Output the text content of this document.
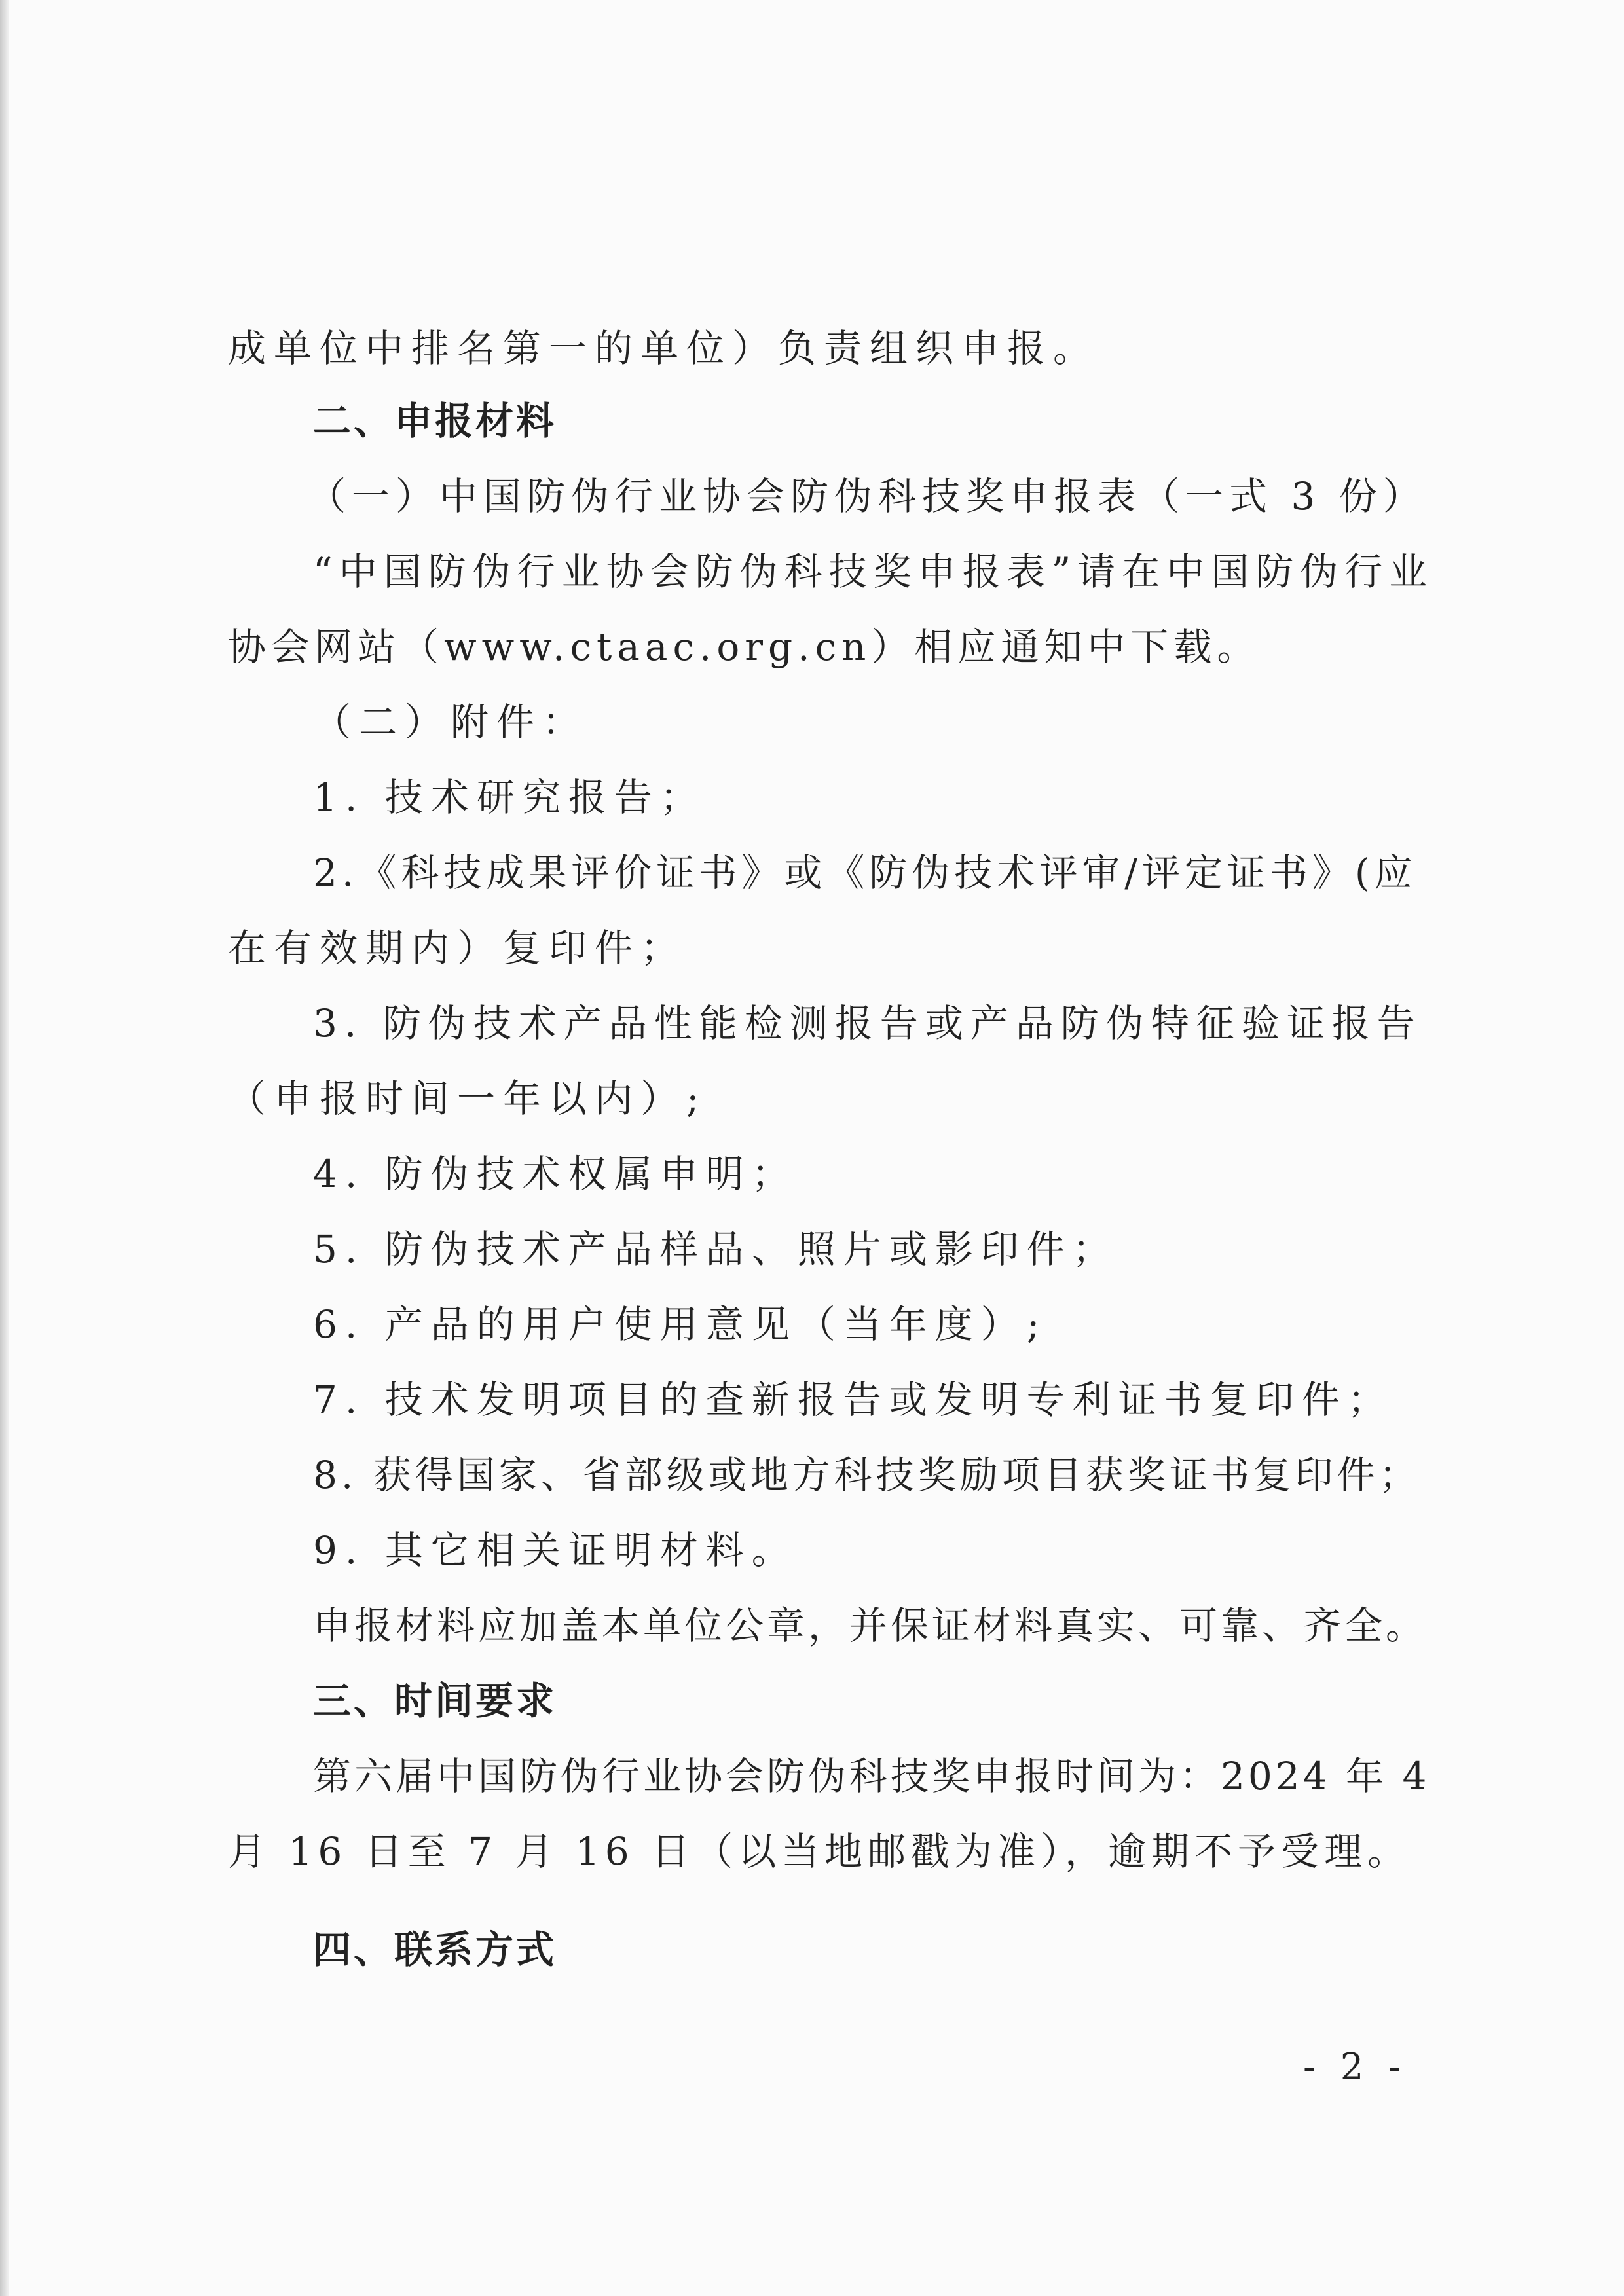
成单位中排名第一的单位）负责组织申报。
二、申报材料
（一）中国防伪行业协会防伪科技奖申报表（一式 3 份）
“中国防伪行业协会防伪科技奖申报表”请在中国防伪行业
协会网站（www.ctaac.org.cn）相应通知中下载。
（二）附件：
1. 技术研究报告；
2.《科技成果评价证书》或《防伪技术评审/评定证书》(应
在有效期内）复印件；
3. 防伪技术产品性能检测报告或产品防伪特征验证报告
（申报时间一年以内）;
4. 防伪技术权属申明；
5. 防伪技术产品样品、照片或影印件；
6. 产品的用户使用意见（当年度）;
7. 技术发明项目的查新报告或发明专利证书复印件；
8. 获得国家、省部级或地方科技奖励项目获奖证书复印件；
9. 其它相关证明材料。
申报材料应加盖本单位公章，并保证材料真实、可靠、齐全。
三、时间要求
第六届中国防伪行业协会防伪科技奖申报时间为：2024 年 4
月 16 日至 7 月 16 日（以当地邮戳为准），逾期不予受理。
四、联系方式
- 2 -
